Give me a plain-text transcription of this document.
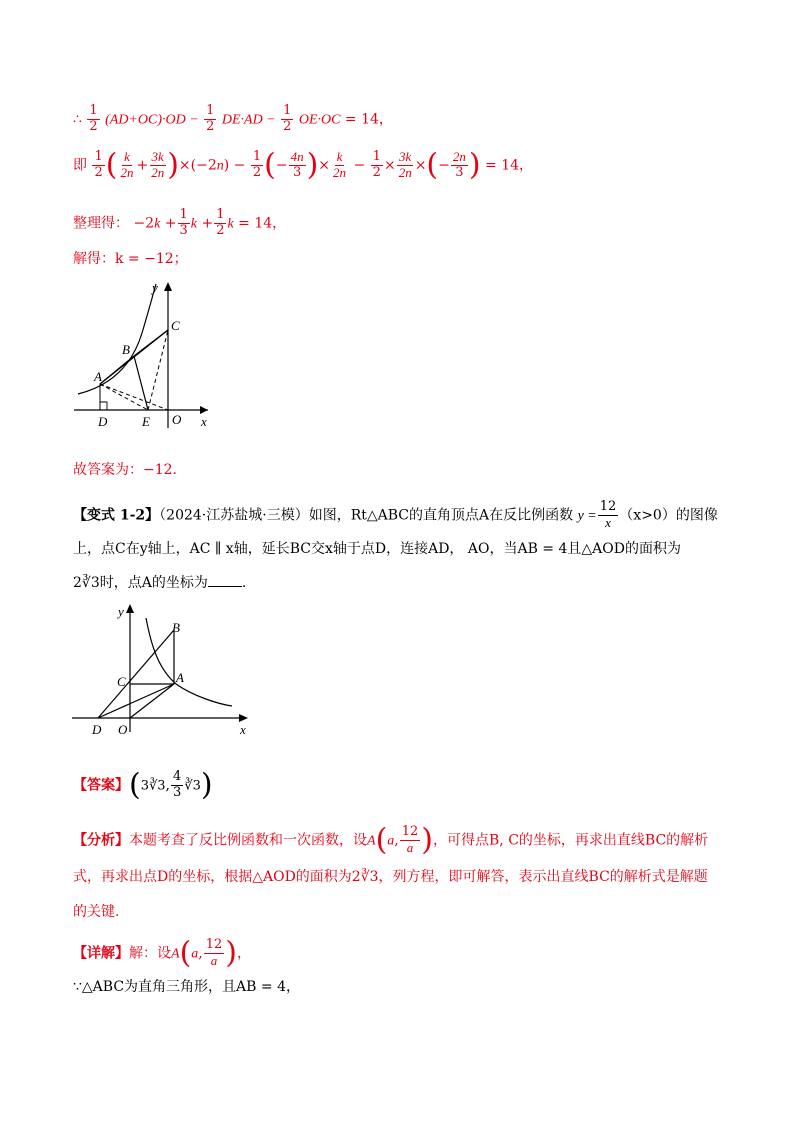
∴ $\frac{1}{2} (AD+OC)\cdot OD - \frac{1}{2} DE\cdot AD - \frac{1}{2} OE\cdot OC = 14$，
即 $\frac{1}{2}$ ( $\frac{k}{2n} + \frac{3k}{2n} )\times(-2n) - \frac{1}{2}$ (− $\frac{4n}{3}$ )× $\frac{k}{2n} - \frac{1}{2} \times \frac{3k}{2n}$ ×(− $\frac{2n}{3}$ ) = 14，
整理得： $-2k + \frac{1}{3}$ $k + \frac{1}{2}$ k = 14，
解得：k = −12；
y
x
A
B
C
D	E O
故答案为：−12.
【变式 1-2】（2024·江苏盐城·三模）如图，Rt△ABC的直角顶点A在反比例函数 $y = \frac{12}{x} (x>0)$的图像
上，点C在y轴上，AC ∥ x轴，延长BC交x轴于点D，连接AD， AO，当AB = 4且△AOD的面积为
2∛3时，点A的坐标为 .
y
x
A
B
C
D O
【答案】(3∛3, $\frac{4}{3}$ ∛3)
【分析】本题考查了反比例函数和一次函数，设A(a, $\frac{12}{a}$ )，可得点B, C的坐标，再求出直线BC的解析
式，再求出点D的坐标，根据△AOD的面积为2∛3，列方程，即可解答，表示出直线BC的解析式是解题
的关键.
【详解】解：设A(a, $\frac{12}{a}$ )，
∵△ABC为直角三角形，且AB = 4，
